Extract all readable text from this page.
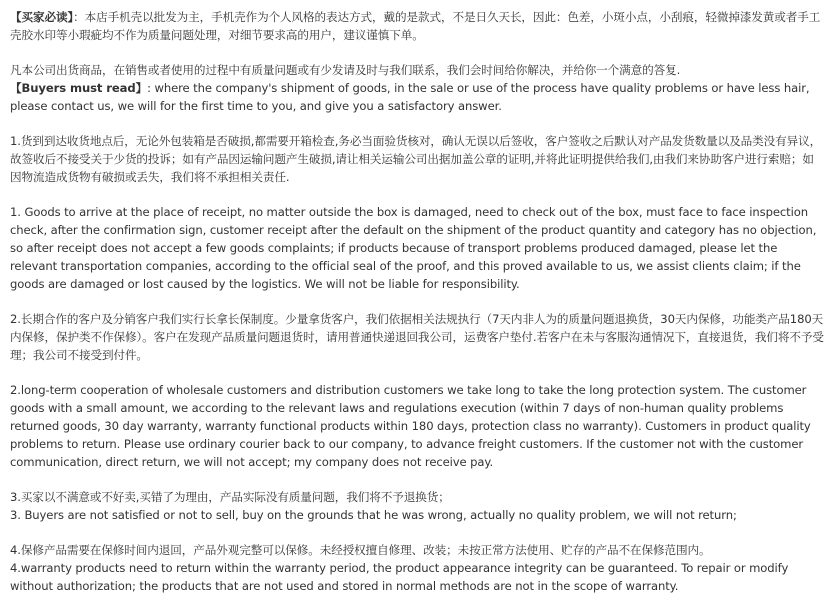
【买家必读】：本店手机壳以批发为主，手机壳作为个人风格的表达方式，戴的是款式，不是日久天长，因此：色差，小斑小点，小刮痕，轻微掉漆发黄或者手工壳胶水印等小瑕疵均不作为质量问题处理，对细节要求高的用户，建议谨慎下单。

凡本公司出货商品，在销售或者使用的过程中有质量问题或有少发请及时与我们联系，我们会时间给你解决，并给你一个满意的答复.

【Buyers must read】: where the company's shipment of goods, in the sale or use of the process have quality problems or have less hair, please contact us, we will for the first time to you, and give you a satisfactory answer.

1.货到到达收货地点后，无论外包装箱是否破损,都需要开箱检查,务必当面验货核对，确认无误以后签收，客户签收之后默认对产品发货数量以及品类没有异议，故签收后不接受关于少货的投诉；如有产品因运输问题产生破损,请让相关运输公司出据加盖公章的证明,并将此证明提供给我们,由我们来协助客户进行索赔；如因物流造成货物有破损或丢失，我们将不承担相关责任.

1. Goods to arrive at the place of receipt, no matter outside the box is damaged, need to check out of the box, must face to face inspection check, after the confirmation sign, customer receipt after the default on the shipment of the product quantity and category has no objection, so after receipt does not accept a few goods complaints; if products because of transport problems produced damaged, please let the relevant transportation companies, according to the official seal of the proof, and this proved available to us, we assist clients claim; if the goods are damaged or lost caused by the logistics. We will not be liable for responsibility.

2.长期合作的客户及分销客户我们实行长拿长保制度。少量拿货客户，我们依据相关法规执行（7天内非人为的质量问题退换货，30天内保修，功能类产品180天内保修，保护类不作保修）。客户在发现产品质量问题退货时，请用普通快递退回我公司，运费客户垫付.若客户在未与客服沟通情况下，直接退货，我们将不予受理；我公司不接受到付件。

2.long-term cooperation of wholesale customers and distribution customers we take long to take the long protection system. The customer goods with a small amount, we according to the relevant laws and regulations execution (within 7 days of non-human quality problems returned goods, 30 day warranty, warranty functional products within 180 days, protection class no warranty). Customers in product quality problems to return. Please use ordinary courier back to our company, to advance freight customers. If the customer not with the customer communication, direct return, we will not accept; my company does not receive pay.

3.买家以不满意或不好卖,买错了为理由，产品实际没有质量问题，我们将不予退换货；

3. Buyers are not satisfied or not to sell, buy on the grounds that he was wrong, actually no quality problem, we will not return;

4.保修产品需要在保修时间内退回，产品外观完整可以保修。未经授权擅自修理、改装；未按正常方法使用、贮存的产品不在保修范围内。

4.warranty products need to return within the warranty period, the product appearance integrity can be guaranteed. To repair or modify without authorization; the products that are not used and stored in normal methods are not in the scope of warranty.
